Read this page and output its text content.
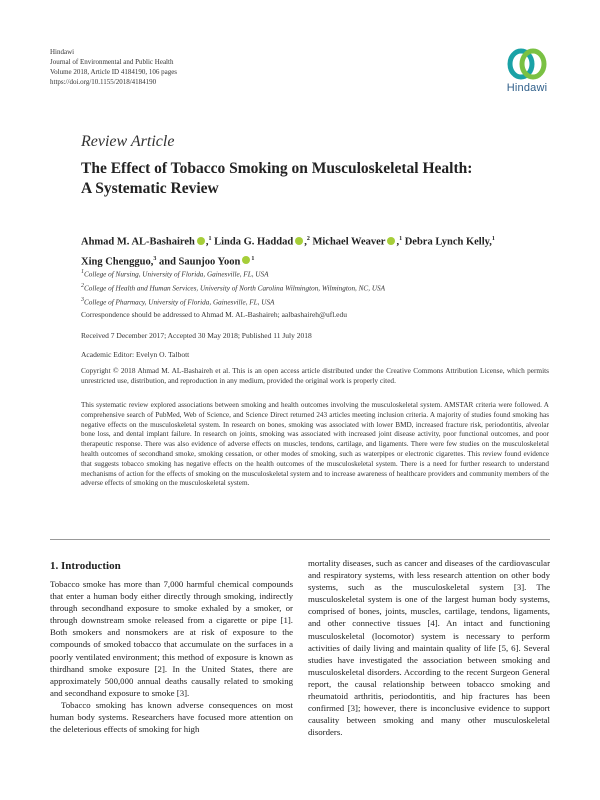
Hindawi
Journal of Environmental and Public Health
Volume 2018, Article ID 4184190, 106 pages
https://doi.org/10.1155/2018/4184190	Hindawi
Review Article
The Effect of Tobacco Smoking on Musculoskeletal Health:
A Systematic Review
Ahmad M. AL-Bashaireh ,$^1$ Linda G. Haddad ,$^2$ Michael Weaver ,$^1$ Debra Lynch Kelly,$^1$
Xing Chengguo,$^3$ and Saunjoo Yoon $^1$
$^1$College of Nursing, University of Florida, Gainesville, FL, USA
$^2$College of Health and Human Services, University of North Carolina Wilmington, Wilmington, NC, USA
$^3$College of Pharmacy, University of Florida, Gainesville, FL, USA
Correspondence should be addressed to Ahmad M. AL-Bashaireh; aalbashaireh@ufl.edu
Received 7 December 2017; Accepted 30 May 2018; Published 11 July 2018
Academic Editor: Evelyn O. Talbott
Copyright © 2018 Ahmad M. AL-Bashaireh et al. This is an open access article distributed under the Creative Commons Attribution License, which permits unrestricted use, distribution, and reproduction in any medium, provided the original work is properly cited.
This systematic review explored associations between smoking and health outcomes involving the musculoskeletal system. AMSTAR criteria were followed. A comprehensive search of PubMed, Web of Science, and Science Direct returned 243 articles meeting inclusion criteria. A majority of studies found smoking has negative effects on the musculoskeletal system. In research on bones, smoking was associated with lower BMD, increased fracture risk, periodontitis, alveolar bone loss, and dental implant failure. In research on joints, smoking was associated with increased joint disease activity, poor functional outcomes, and poor therapeutic response. There was also evidence of adverse effects on muscles, tendons, cartilage, and ligaments. There were few studies on the musculoskeletal health outcomes of secondhand smoke, smoking cessation, or other modes of smoking, such as waterpipes or electronic cigarettes. This review found evidence that suggests tobacco smoking has negative effects on the health outcomes of the musculoskeletal system. There is a need for further research to understand mechanisms of action for the effects of smoking on the musculoskeletal system and to increase awareness of healthcare providers and community members of the adverse effects of smoking on the musculoskeletal system.
1. Introduction

Tobacco smoke has more than 7,000 harmful chemical compounds that enter a human body either directly through smoking, indirectly through secondhand exposure to smoke exhaled by a smoker, or through downstream smoke released from a cigarette or pipe [1]. Both smokers and nonsmokers are at risk of exposure to the compounds of smoked tobacco that accumulate on the surfaces in a poorly ventilated environment; this method of exposure is known as thirdhand smoke exposure [2]. In the United States, there are approximately 500,000 annual deaths causally related to smoking and secondhand exposure to smoke [3].

Tobacco smoking has known adverse consequences on most human body systems. Researchers have focused more attention on the deleterious effects of smoking for high

mortality diseases, such as cancer and diseases of the cardiovascular and respiratory systems, with less research attention on other body systems, such as the musculoskeletal system [3]. The musculoskeletal system is one of the largest human body systems, comprised of bones, joints, muscles, cartilage, tendons, ligaments, and other connective tissues [4]. An intact and functioning musculoskeletal (locomotor) system is necessary to perform activities of daily living and maintain quality of life [5, 6]. Several studies have investigated the association between smoking and musculoskeletal disorders. According to the recent Surgeon General report, the causal relationship between tobacco smoking and rheumatoid arthritis, periodontitis, and hip fractures has been confirmed [3]; however, there is inconclusive evidence to support causality between smoking and many other musculoskeletal disorders.
